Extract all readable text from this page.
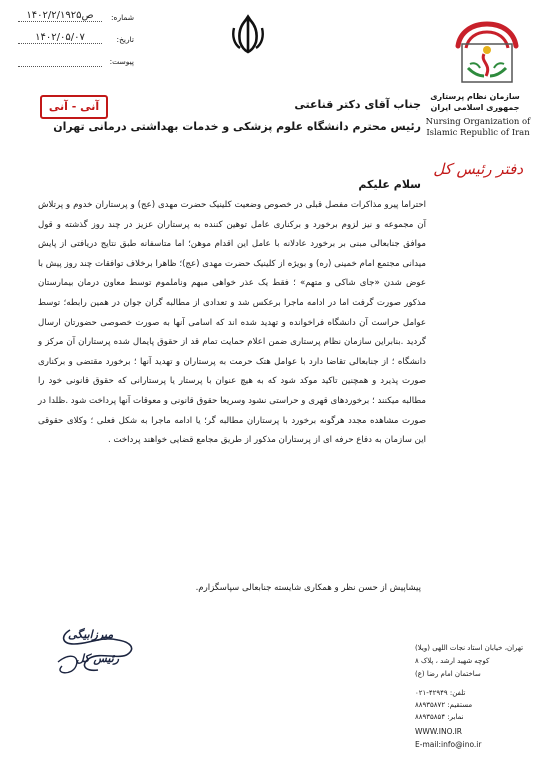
شماره:
۱۴۰۲/ص۲/۱۹۲۵
تاریخ:
۱۴۰۲/۰۵/۰۷
پیوست:
آنی - آنی	جناب آقای دکتر قناعتی
رئیس محترم دانشگاه علوم پزشکی و خدمات بهداشتی درمانی تهران
سلام علیکم
احتراما پیرو مذاکرات مفصل قبلی در خصوص وضعیت کلینیک حضرت مهدی (عج) و پرستاران خدوم و پرتلاش آن مجموعه و نیز لزوم برخورد و برکناری عامل توهین کننده به پرستاران عزیز در چند روز گذشته و قول موافق جنابعالی مبنی بر برخورد عادلانه با عامل این اقدام موهن؛ اما متاسفانه طبق نتایج دریافتی از پایش میدانی مجتمع امام خمینی (ره) و بویژه از کلینیک حضرت مهدی (عج)؛ ظاهرا برخلاف توافقات چند روز پیش با عوض شدن «جای شاکی و متهم» ؛ فقط یک عذر خواهی مبهم وناملموم توسط معاون درمان بیمارستان مذکور صورت گرفت اما در ادامه ماجرا برعکس شد و تعدادی از مطالبه گران جوان در همین رابطه؛ توسط عوامل حراست آن دانشگاه فراخوانده و تهدید شده اند که اسامی آنها به صورت خصوصی حضورتان ارسال گردید .بنابراین سازمان نظام پرستاری ضمن اعلام حمایت تمام قد از حقوق پایمال شده پرستاران آن مرکز و دانشگاه ؛ از جنابعالی تقاضا دارد با عوامل هتک حرمت به پرستاران و تهدید آنها ؛ برخورد مقتضی و برکناری صورت پذیرد و همچنین تاکید موکد شود که به هیچ عنوان با پرستار یا پرستارانی که حقوق قانونی خود را مطالبه میکنند ؛ برخوردهای قهری و حراستی نشود وسریعا حقوق قانونی و معوقات آنها پرداخت شود .ظلدا در صورت مشاهده مجدد هرگونه برخورد با پرستاران مطالبه گر؛ یا ادامه ماجرا به شکل فعلی ؛ وکلای حقوقی این سازمان به دفاع حرفه ای از پرستاران مذکور از طریق مجامع قضایی خواهند پرداخت .
پیشاپیش از حسن نظر و همکاری شایسته جنابعالی سپاسگزارم.
میرزابیگی
رئیس کل
سازمان نظام پرستاری
جمهوری اسلامی ایران
Nursing Organization of
Islamic Republic of Iran
دفتر رئیس کل
تهران، خیابان استاد نجات اللهی (ویلا)
کوچه شهید ارشد ، پلاک ۸
ساختمان امام رضا (ع)
تلفن: ۴۲۹۴۹-۰۲۱
مستقیم: ۸۸۹۳۵۸۷۲
نمابر: ۸۸۹۳۵۸۵۴
WWW.INO.IR
E-mail:info@ino.ir
